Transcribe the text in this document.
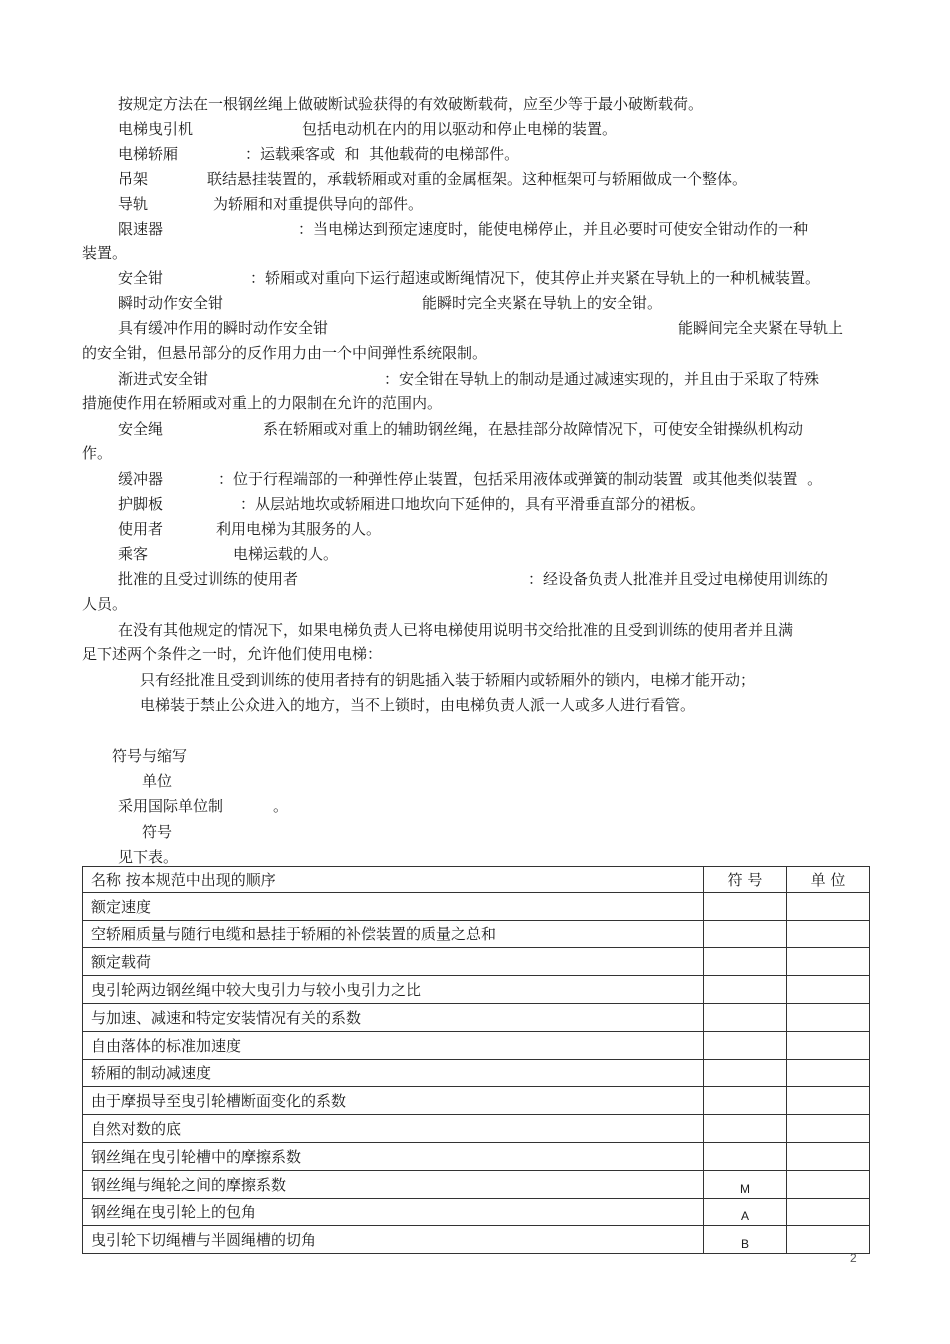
按规定方法在一根钢丝绳上做破断试验获得的有效破断载荷，应至少等于最小破断载荷。
电梯曳引机	包括电动机在内的用以驱动和停止电梯的装置。
电梯轿厢	：运载乘客或  和  其他载荷的电梯部件。
吊架	联结悬挂装置的，承载轿厢或对重的金属框架。这种框架可与轿厢做成一个整体。
导轨	为轿厢和对重提供导向的部件。
限速器	：当电梯达到预定速度时，能使电梯停止，并且必要时可使安全钳动作的一种
装置。
安全钳	：轿厢或对重向下运行超速或断绳情况下，使其停止并夹紧在导轨上的一种机械装置。
瞬时动作安全钳	能瞬时完全夹紧在导轨上的安全钳。
具有缓冲作用的瞬时动作安全钳	能瞬间完全夹紧在导轨上
的安全钳，但悬吊部分的反作用力由一个中间弹性系统限制。
渐进式安全钳	：安全钳在导轨上的制动是通过减速实现的，并且由于采取了特殊
措施使作用在轿厢或对重上的力限制在允许的范围内。
安全绳	系在轿厢或对重上的辅助钢丝绳，在悬挂部分故障情况下，可使安全钳操纵机构动
作。
缓冲器	：位于行程端部的一种弹性停止装置，包括采用液体或弹簧的制动装置  或其他类似装置  。
护脚板	：从层站地坎或轿厢进口地坎向下延伸的，具有平滑垂直部分的裙板。
使用者	利用电梯为其服务的人。
乘客	电梯运载的人。
批准的且受过训练的使用者	：经设备负责人批准并且受过电梯使用训练的
人员。
在没有其他规定的情况下，如果电梯负责人已将电梯使用说明书交给批准的且受到训练的使用者并且满
足下述两个条件之一时，允许他们使用电梯：
只有经批准且受到训练的使用者持有的钥匙插入装于轿厢内或轿厢外的锁内，电梯才能开动；
电梯装于禁止公众进入的地方，当不上锁时，由电梯负责人派一人或多人进行看管。
符号与缩写
单位
采用国际单位制	。
符号
见下表。
名称 按本规范中出现的顺序	符 号	单 位
额定速度		
空轿厢质量与随行电缆和悬挂于轿厢的补偿装置的质量之总和		
额定载荷		
曳引轮两边钢丝绳中较大曳引力与较小曳引力之比		
与加速、减速和特定安装情况有关的系数		
自由落体的标准加速度		
轿厢的制动减速度		
由于摩损导至曳引轮槽断面变化的系数		
自然对数的底		
钢丝绳在曳引轮槽中的摩擦系数		
钢丝绳与绳轮之间的摩擦系数	M	
钢丝绳在曳引轮上的包角	A	
曳引轮下切绳槽与半圆绳槽的切角	B	
2
